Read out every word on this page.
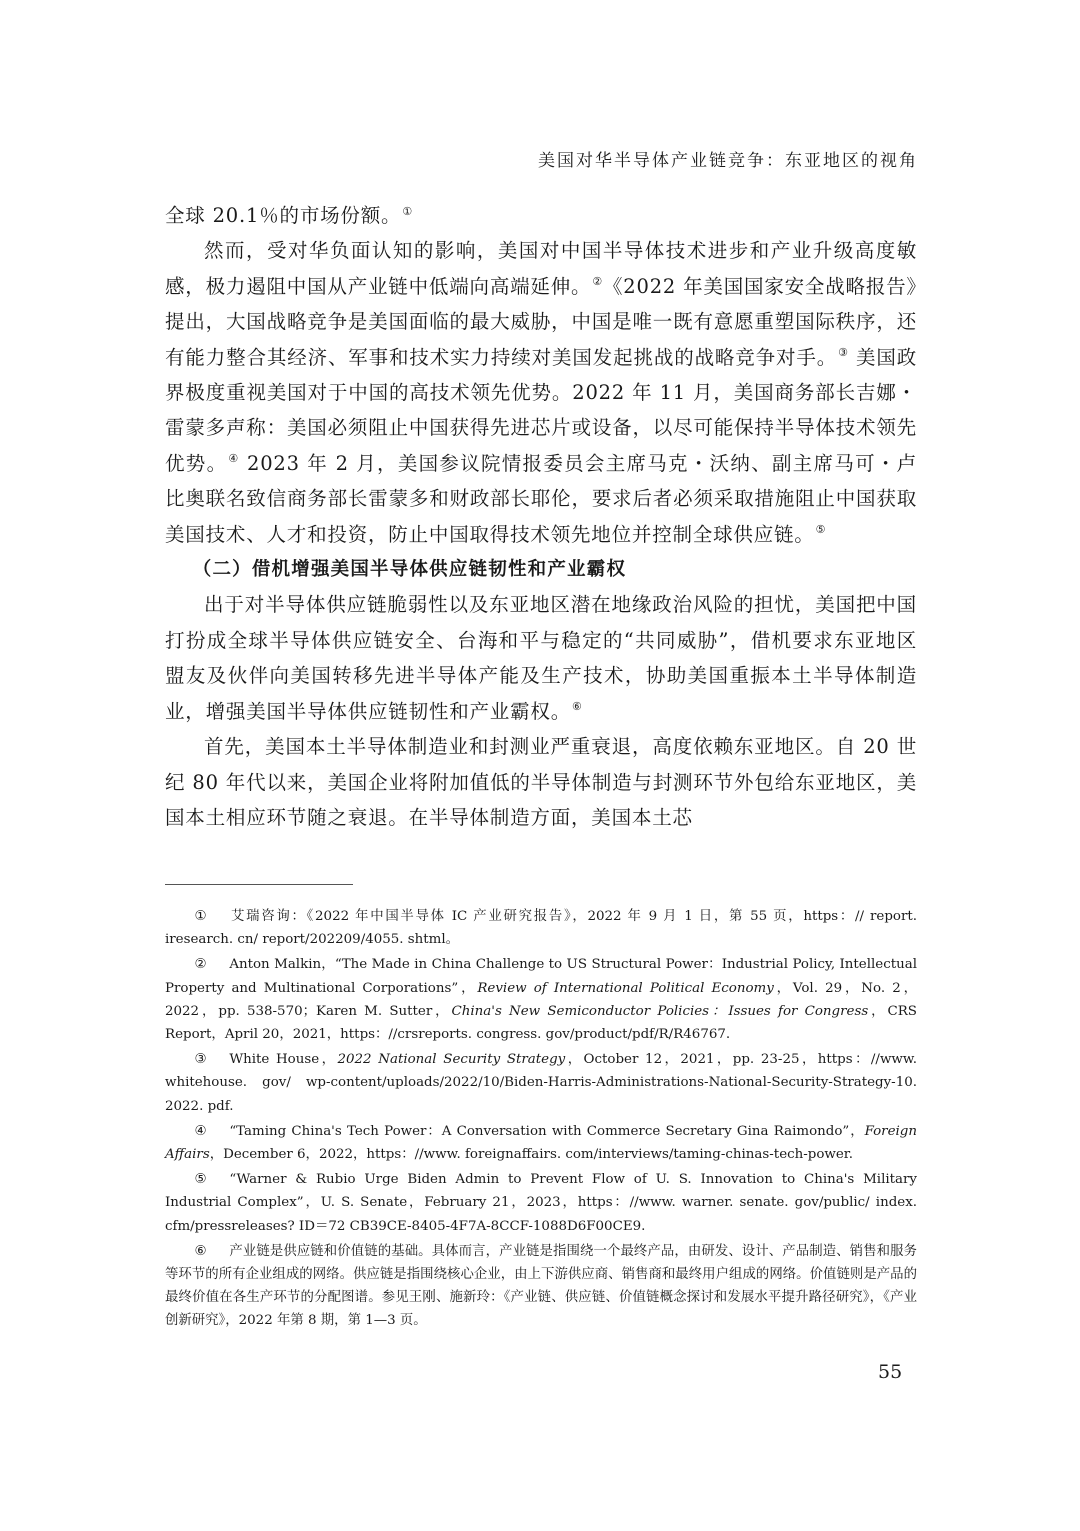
美国对华半导体产业链竞争：东亚地区的视角

全球 20.1％的市场份额。①

然而，受对华负面认知的影响，美国对中国半导体技术进步和产业升级高度敏感，极力遏阻中国从产业链中低端向高端延伸。②《2022 年美国国家安全战略报告》提出，大国战略竞争是美国面临的最大威胁，中国是唯一既有意愿重塑国际秩序，还有能力整合其经济、军事和技术实力持续对美国发起挑战的战略竞争对手。③ 美国政界极度重视美国对于中国的高技术领先优势。2022 年 11 月，美国商务部长吉娜・雷蒙多声称：美国必须阻止中国获得先进芯片或设备，以尽可能保持半导体技术领先优势。④ 2023 年 2 月，美国参议院情报委员会主席马克・沃纳、副主席马可・卢比奥联名致信商务部长雷蒙多和财政部长耶伦，要求后者必须采取措施阻止中国获取美国技术、人才和投资，防止中国取得技术领先地位并控制全球供应链。⑤

（二）借机增强美国半导体供应链韧性和产业霸权

出于对半导体供应链脆弱性以及东亚地区潜在地缘政治风险的担忧，美国把中国打扮成全球半导体供应链安全、台海和平与稳定的“共同威胁”，借机要求东亚地区盟友及伙伴向美国转移先进半导体产能及生产技术，协助美国重振本土半导体制造业，增强美国半导体供应链韧性和产业霸权。⑥

首先，美国本土半导体制造业和封测业严重衰退，高度依赖东亚地区。自 20 世纪 80 年代以来，美国企业将附加值低的半导体制造与封测环节外包给东亚地区，美国本土相应环节随之衰退。在半导体制造方面，美国本土芯

① 艾瑞咨询：《2022 年中国半导体 IC 产业研究报告》，2022 年 9 月 1 日，第 55 页，https：// report. iresearch. cn/ report/202209/4055. shtml。

② Anton Malkin，“The Made in China Challenge to US Structural Power：Industrial Policy, Intellectual Property and Multinational Corporations”，Review of International Political Economy，Vol. 29，No. 2，2022，pp. 538-570；Karen M. Sutter，China's New Semiconductor Policies：Issues for Congress，CRS Report，April 20，2021，https：//crsreports. congress. gov/product/pdf/R/R46767.

③ White House，2022 National Security Strategy，October 12，2021，pp. 23-25，https：//www. whitehouse. gov/ wp-content/uploads/2022/10/Biden-Harris-Administrations-National-Security-Strategy-10. 2022. pdf.

④ “Taming China's Tech Power：A Conversation with Commerce Secretary Gina Raimondo”，Foreign Affairs，December 6，2022，https：//www. foreignaffairs. com/interviews/taming-chinas-tech-power.

⑤ “Warner & Rubio Urge Biden Admin to Prevent Flow of U. S. Innovation to China's Military Industrial Complex”，U. S. Senate，February 21，2023，https：//www. warner. senate. gov/public/ index. cfm/pressreleases? ID＝72 CB39CE-8405-4F7A-8CCF-1088D6F00CE9.

⑥ 产业链是供应链和价值链的基础。具体而言，产业链是指围绕一个最终产品，由研发、设计、产品制造、销售和服务等环节的所有企业组成的网络。供应链是指围绕核心企业，由上下游供应商、销售商和最终用户组成的网络。价值链则是产品的最终价值在各生产环节的分配图谱。参见王刚、施新玲：《产业链、供应链、价值链概念探讨和发展水平提升路径研究》，《产业创新研究》，2022 年第 8 期，第 1—3 页。

55
